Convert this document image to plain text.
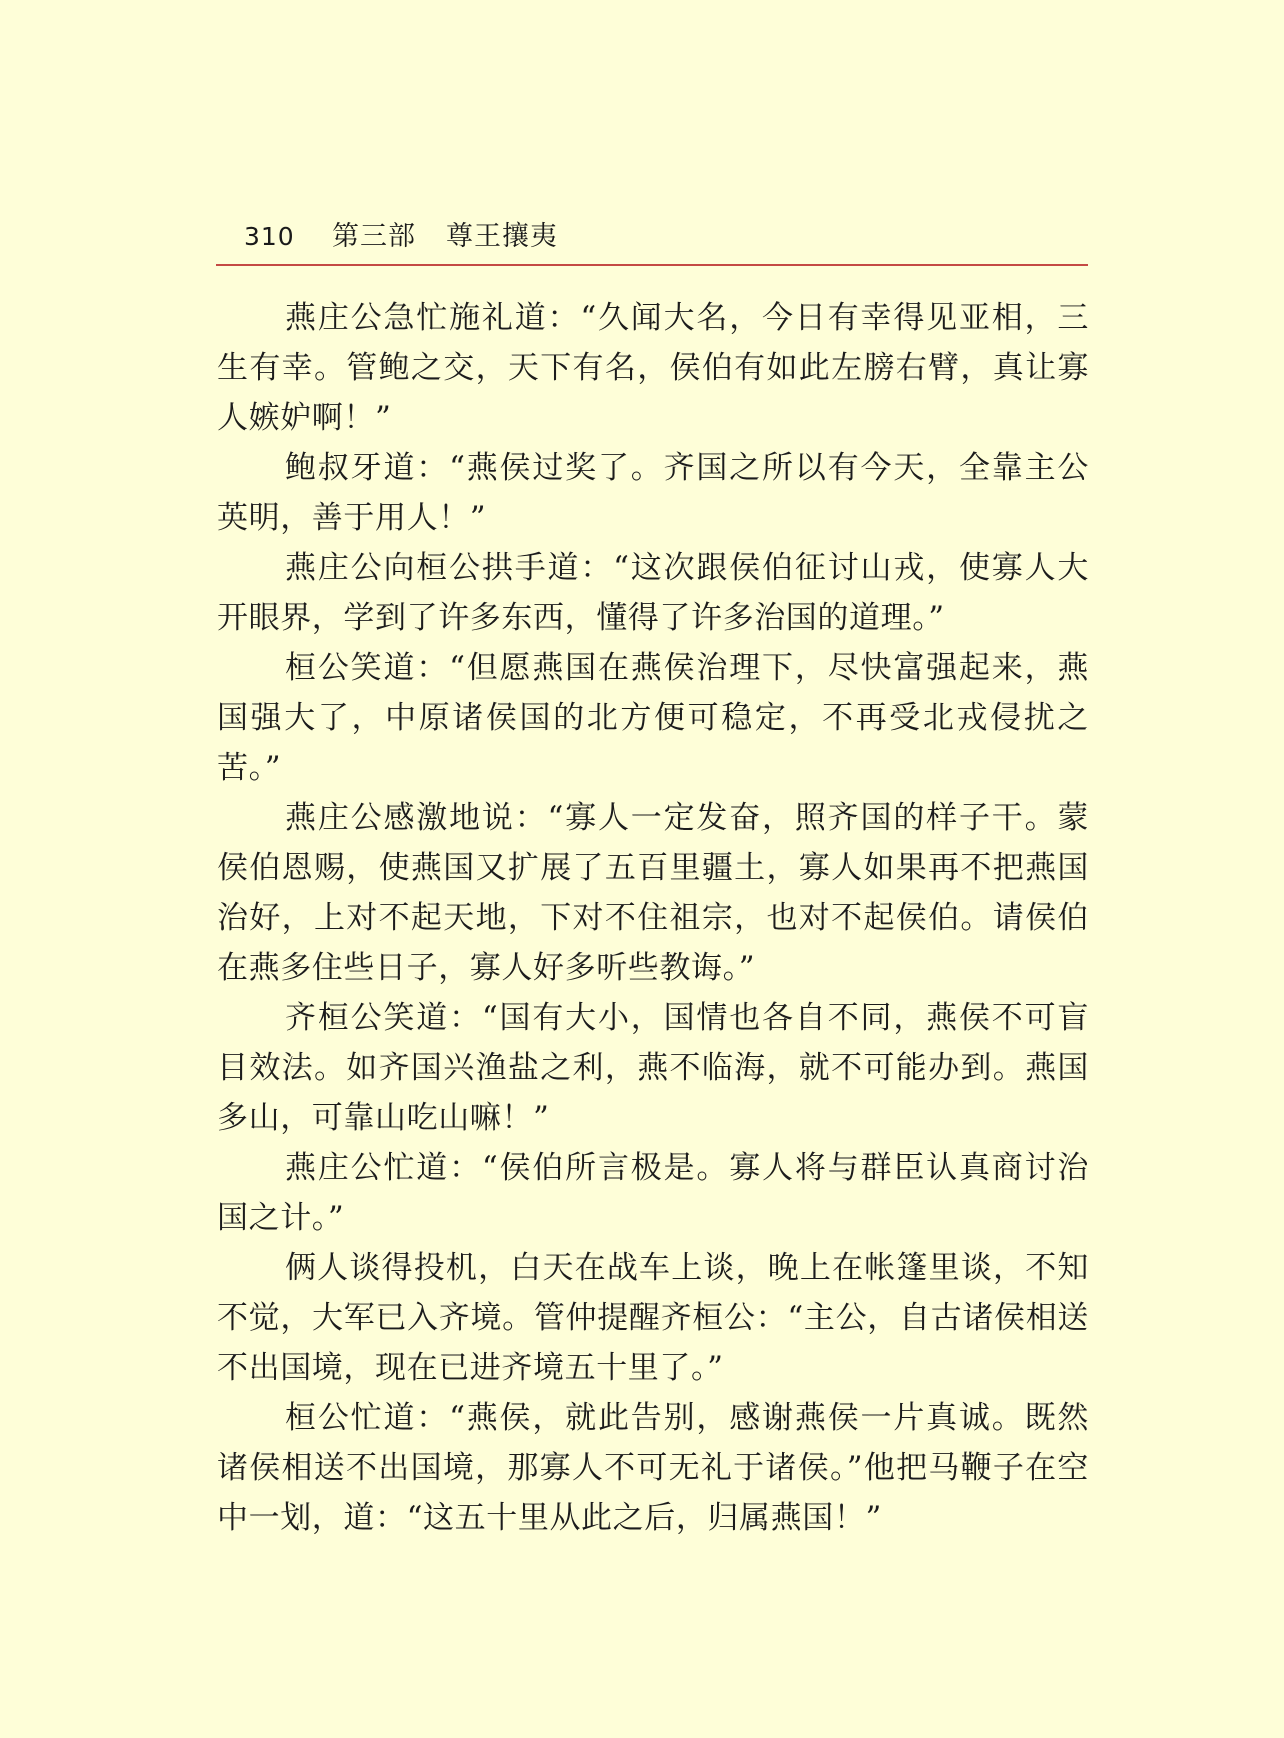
310 第三部 尊王攘夷

燕庄公急忙施礼道：“久闻大名，今日有幸得见亚相，三生有幸。管鲍之交，天下有名，侯伯有如此左膀右臂，真让寡人嫉妒啊！”

鲍叔牙道：“燕侯过奖了。齐国之所以有今天，全靠主公英明，善于用人！”

燕庄公向桓公拱手道：“这次跟侯伯征讨山戎，使寡人大开眼界，学到了许多东西，懂得了许多治国的道理。”

桓公笑道：“但愿燕国在燕侯治理下，尽快富强起来，燕国强大了，中原诸侯国的北方便可稳定，不再受北戎侵扰之苦。”

燕庄公感激地说：“寡人一定发奋，照齐国的样子干。蒙侯伯恩赐，使燕国又扩展了五百里疆土，寡人如果再不把燕国治好，上对不起天地，下对不住祖宗，也对不起侯伯。请侯伯在燕多住些日子，寡人好多听些教诲。”

齐桓公笑道：“国有大小，国情也各自不同，燕侯不可盲目效法。如齐国兴渔盐之利，燕不临海，就不可能办到。燕国多山，可靠山吃山嘛！”

燕庄公忙道：“侯伯所言极是。寡人将与群臣认真商讨治国之计。”

俩人谈得投机，白天在战车上谈，晚上在帐篷里谈，不知不觉，大军已入齐境。管仲提醒齐桓公：“主公，自古诸侯相送不出国境，现在已进齐境五十里了。”

桓公忙道：“燕侯，就此告别，感谢燕侯一片真诚。既然诸侯相送不出国境，那寡人不可无礼于诸侯。”他把马鞭子在空中一划，道：“这五十里从此之后，归属燕国！”
